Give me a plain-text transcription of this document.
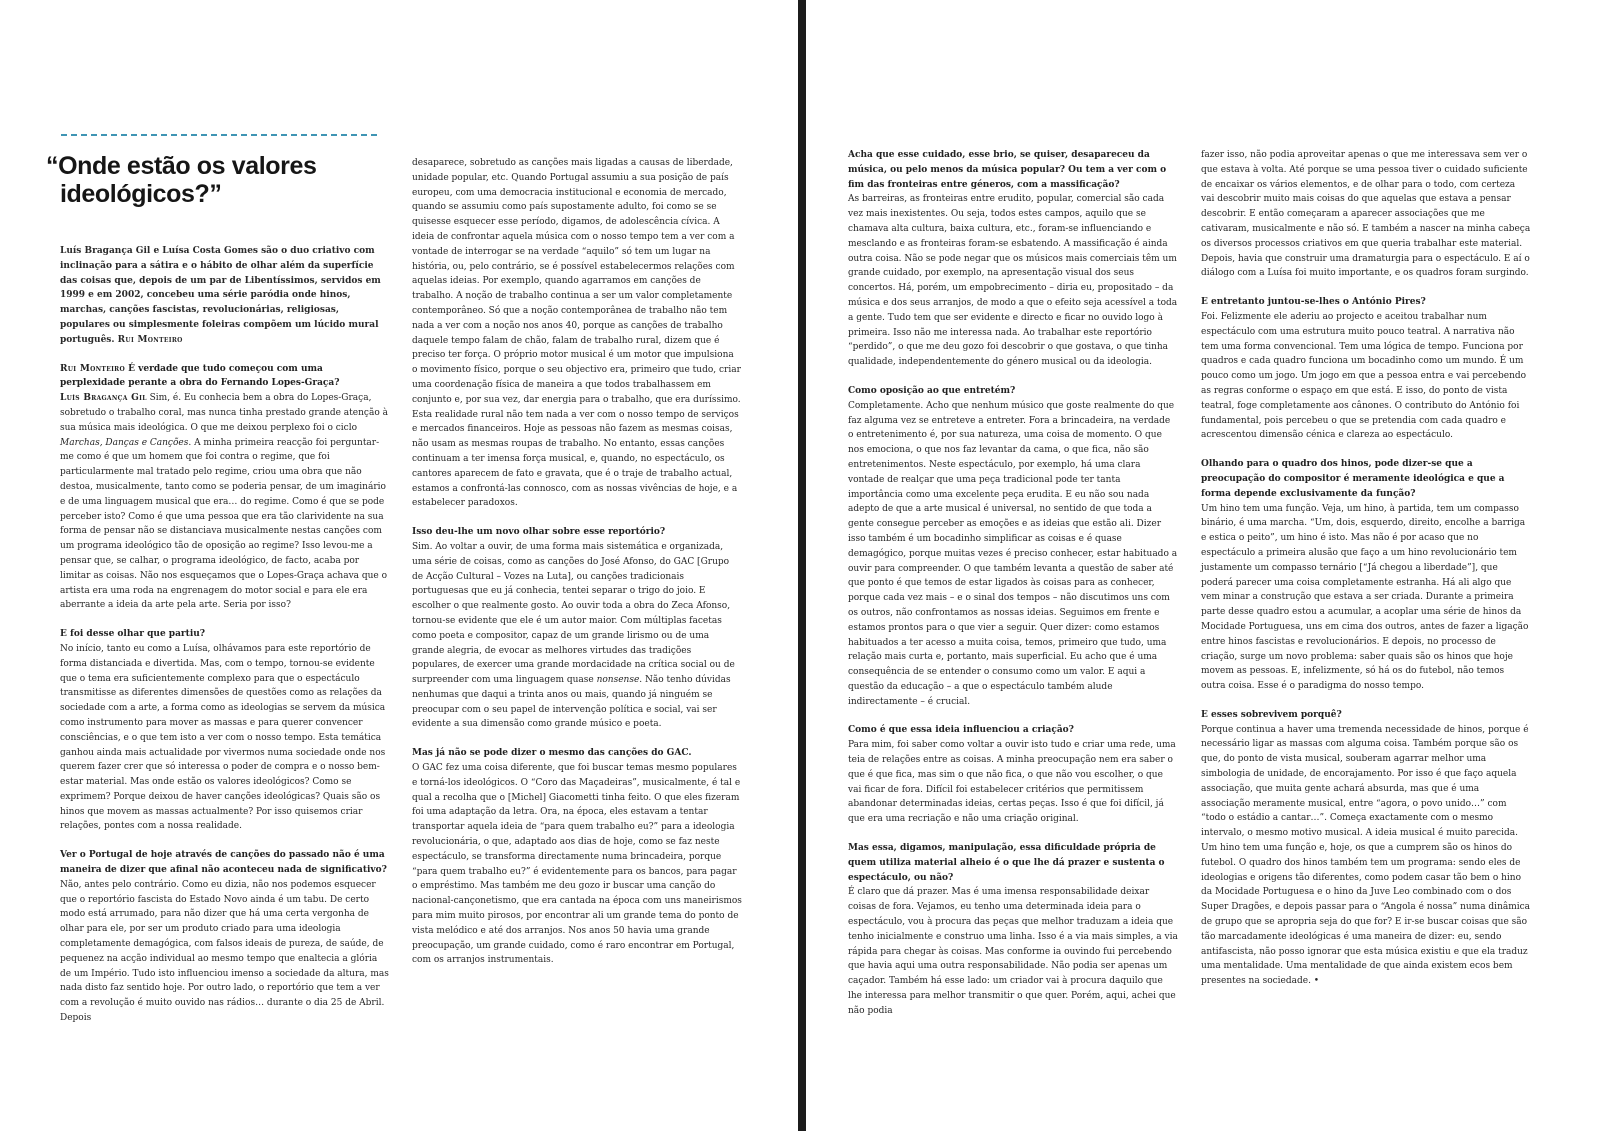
“Onde estão os valores
ideológicos?”

Luís Bragança Gil e Luísa Costa Gomes são o duo criativo com inclinação para a sátira e o hábito de olhar além da superfície das coisas que, depois de um par de Libentíssimos, servidos em 1999 e em 2002, concebeu uma série paródia onde hinos, marchas, canções fascistas, revolucionárias, religiosas, populares ou simplesmente foleiras compõem um lúcido mural português. Rui Monteiro

Rui Monteiro É verdade que tudo começou com uma perplexidade perante a obra do Fernando Lopes-Graça?
Luís Bragança Gil Sim, é. Eu conhecia bem a obra do Lopes-Graça, sobretudo o trabalho coral, mas nunca tinha prestado grande atenção à sua música mais ideológica. O que me deixou perplexo foi o ciclo Marchas, Danças e Canções. A minha primeira reacção foi perguntar-me como é que um homem que foi contra o regime, que foi particularmente mal tratado pelo regime, criou uma obra que não destoa, musicalmente, tanto como se poderia pensar, de um imaginário e de uma linguagem musical que era… do regime. Como é que se pode perceber isto? Como é que uma pessoa que era tão clarividente na sua forma de pensar não se distanciava musicalmente nestas canções com um programa ideológico tão de oposição ao regime? Isso levou-me a pensar que, se calhar, o programa ideológico, de facto, acaba por limitar as coisas. Não nos esqueçamos que o Lopes-Graça achava que o artista era uma roda na engrenagem do motor social e para ele era aberrante a ideia da arte pela arte. Seria por isso?

E foi desse olhar que partiu?
No início, tanto eu como a Luísa, olhávamos para este reportório de forma distanciada e divertida. Mas, com o tempo, tornou-se evidente que o tema era suficientemente complexo para que o espectáculo transmitisse as diferentes dimensões de questões como as relações da sociedade com a arte, a forma como as ideologias se servem da música como instrumento para mover as massas e para querer convencer consciências, e o que tem isto a ver com o nosso tempo. Esta temática ganhou ainda mais actualidade por vivermos numa sociedade onde nos querem fazer crer que só interessa o poder de compra e o nosso bem-estar material. Mas onde estão os valores ideológicos? Como se exprimem? Porque deixou de haver canções ideológicas? Quais são os hinos que movem as massas actualmente? Por isso quisemos criar relações, pontes com a nossa realidade.

Ver o Portugal de hoje através de canções do passado não é uma maneira de dizer que afinal não aconteceu nada de significativo?
Não, antes pelo contrário. Como eu dizia, não nos podemos esquecer que o reportório fascista do Estado Novo ainda é um tabu. De certo modo está arrumado, para não dizer que há uma certa vergonha de olhar para ele, por ser um produto criado para uma ideologia completamente demagógica, com falsos ideais de pureza, de saúde, de pequenez na acção individual ao mesmo tempo que enaltecia a glória de um Império. Tudo isto influenciou imenso a sociedade da altura, mas nada disto faz sentido hoje. Por outro lado, o reportório que tem a ver com a revolução é muito ouvido nas rádios… durante o dia 25 de Abril. Depois

desaparece, sobretudo as canções mais ligadas a causas de liberdade, unidade popular, etc. Quando Portugal assumiu a sua posição de país europeu, com uma democracia institucional e economia de mercado, quando se assumiu como país supostamente adulto, foi como se se quisesse esquecer esse período, digamos, de adolescência cívica. A ideia de confrontar aquela música com o nosso tempo tem a ver com a vontade de interrogar se na verdade “aquilo” só tem um lugar na história, ou, pelo contrário, se é possível estabelecermos relações com aquelas ideias. Por exemplo, quando agarramos em canções de trabalho. A noção de trabalho continua a ser um valor completamente contemporâneo. Só que a noção contemporânea de trabalho não tem nada a ver com a noção nos anos 40, porque as canções de trabalho daquele tempo falam de chão, falam de trabalho rural, dizem que é preciso ter força. O próprio motor musical é um motor que impulsiona o movimento físico, porque o seu objectivo era, primeiro que tudo, criar uma coordenação física de maneira a que todos trabalhassem em conjunto e, por sua vez, dar energia para o trabalho, que era duríssimo. Esta realidade rural não tem nada a ver com o nosso tempo de serviços e mercados financeiros. Hoje as pessoas não fazem as mesmas coisas, não usam as mesmas roupas de trabalho. No entanto, essas canções continuam a ter imensa força musical, e, quando, no espectáculo, os cantores aparecem de fato e gravata, que é o traje de trabalho actual, estamos a confrontá-las connosco, com as nossas vivências de hoje, e a estabelecer paradoxos.

Isso deu-lhe um novo olhar sobre esse reportório?
Sim. Ao voltar a ouvir, de uma forma mais sistemática e organizada, uma série de coisas, como as canções do José Afonso, do GAC [Grupo de Acção Cultural – Vozes na Luta], ou canções tradicionais portuguesas que eu já conhecia, tentei separar o trigo do joio. E escolher o que realmente gosto. Ao ouvir toda a obra do Zeca Afonso, tornou-se evidente que ele é um autor maior. Com múltiplas facetas como poeta e compositor, capaz de um grande lirismo ou de uma grande alegria, de evocar as melhores virtudes das tradições populares, de exercer uma grande mordacidade na crítica social ou de surpreender com uma linguagem quase nonsense. Não tenho dúvidas nenhumas que daqui a trinta anos ou mais, quando já ninguém se preocupar com o seu papel de intervenção política e social, vai ser evidente a sua dimensão como grande músico e poeta.

Mas já não se pode dizer o mesmo das canções do GAC.
O GAC fez uma coisa diferente, que foi buscar temas mesmo populares e torná-los ideológicos. O “Coro das Maçadeiras”, musicalmente, é tal e qual a recolha que o [Michel] Giacometti tinha feito. O que eles fizeram foi uma adaptação da letra. Ora, na época, eles estavam a tentar transportar aquela ideia de “para quem trabalho eu?” para a ideologia revolucionária, o que, adaptado aos dias de hoje, como se faz neste espectáculo, se transforma directamente numa brincadeira, porque “para quem trabalho eu?” é evidentemente para os bancos, para pagar o empréstimo. Mas também me deu gozo ir buscar uma canção do nacional-cançonetismo, que era cantada na época com uns maneirismos para mim muito pirosos, por encontrar ali um grande tema do ponto de vista melódico e até dos arranjos. Nos anos 50 havia uma grande preocupação, um grande cuidado, como é raro encontrar em Portugal, com os arranjos instrumentais.

Acha que esse cuidado, esse brio, se quiser, desapareceu da música, ou pelo menos da música popular? Ou tem a ver com o fim das fronteiras entre géneros, com a massificação?
As barreiras, as fronteiras entre erudito, popular, comercial são cada vez mais inexistentes. Ou seja, todos estes campos, aquilo que se chamava alta cultura, baixa cultura, etc., foram-se influenciando e mesclando e as fronteiras foram-se esbatendo. A massificação é ainda outra coisa. Não se pode negar que os músicos mais comerciais têm um grande cuidado, por exemplo, na apresentação visual dos seus concertos. Há, porém, um empobrecimento – diria eu, propositado – da música e dos seus arranjos, de modo a que o efeito seja acessível a toda a gente. Tudo tem que ser evidente e directo e ficar no ouvido logo à primeira. Isso não me interessa nada. Ao trabalhar este reportório “perdido”, o que me deu gozo foi descobrir o que gostava, o que tinha qualidade, independentemente do género musical ou da ideologia.

Como oposição ao que entretém?
Completamente. Acho que nenhum músico que goste realmente do que faz alguma vez se entreteve a entreter. Fora a brincadeira, na verdade o entretenimento é, por sua natureza, uma coisa de momento. O que nos emociona, o que nos faz levantar da cama, o que fica, não são entretenimentos. Neste espectáculo, por exemplo, há uma clara vontade de realçar que uma peça tradicional pode ter tanta importância como uma excelente peça erudita. E eu não sou nada adepto de que a arte musical é universal, no sentido de que toda a gente consegue perceber as emoções e as ideias que estão ali. Dizer isso também é um bocadinho simplificar as coisas e é quase demagógico, porque muitas vezes é preciso conhecer, estar habituado a ouvir para compreender. O que também levanta a questão de saber até que ponto é que temos de estar ligados às coisas para as conhecer, porque cada vez mais – e o sinal dos tempos – não discutimos uns com os outros, não confrontamos as nossas ideias. Seguimos em frente e estamos prontos para o que vier a seguir. Quer dizer: como estamos habituados a ter acesso a muita coisa, temos, primeiro que tudo, uma relação mais curta e, portanto, mais superficial. Eu acho que é uma consequência de se entender o consumo como um valor. E aqui a questão da educação – a que o espectáculo também alude indirectamente – é crucial.

Como é que essa ideia influenciou a criação?
Para mim, foi saber como voltar a ouvir isto tudo e criar uma rede, uma teia de relações entre as coisas. A minha preocupação nem era saber o que é que fica, mas sim o que não fica, o que não vou escolher, o que vai ficar de fora. Difícil foi estabelecer critérios que permitissem abandonar determinadas ideias, certas peças. Isso é que foi difícil, já que era uma recriação e não uma criação original.

Mas essa, digamos, manipulação, essa dificuldade própria de quem utiliza material alheio é o que lhe dá prazer e sustenta o espectáculo, ou não?
É claro que dá prazer. Mas é uma imensa responsabilidade deixar coisas de fora. Vejamos, eu tenho uma determinada ideia para o espectáculo, vou à procura das peças que melhor traduzam a ideia que tenho inicialmente e construo uma linha. Isso é a via mais simples, a via rápida para chegar às coisas. Mas conforme ia ouvindo fui percebendo que havia aqui uma outra responsabilidade. Não podia ser apenas um caçador. Também há esse lado: um criador vai à procura daquilo que lhe interessa para melhor transmitir o que quer. Porém, aqui, achei que não podia

fazer isso, não podia aproveitar apenas o que me interessava sem ver o que estava à volta. Até porque se uma pessoa tiver o cuidado suficiente de encaixar os vários elementos, e de olhar para o todo, com certeza vai descobrir muito mais coisas do que aquelas que estava a pensar descobrir. E então começaram a aparecer associações que me cativaram, musicalmente e não só. E também a nascer na minha cabeça os diversos processos criativos em que queria trabalhar este material. Depois, havia que construir uma dramaturgia para o espectáculo. E aí o diálogo com a Luísa foi muito importante, e os quadros foram surgindo.

E entretanto juntou-se-lhes o António Pires?
Foi. Felizmente ele aderiu ao projecto e aceitou trabalhar num espectáculo com uma estrutura muito pouco teatral. A narrativa não tem uma forma convencional. Tem uma lógica de tempo. Funciona por quadros e cada quadro funciona um bocadinho como um mundo. É um pouco como um jogo. Um jogo em que a pessoa entra e vai percebendo as regras conforme o espaço em que está. E isso, do ponto de vista teatral, foge completamente aos cânones. O contributo do António foi fundamental, pois percebeu o que se pretendia com cada quadro e acrescentou dimensão cénica e clareza ao espectáculo.

Olhando para o quadro dos hinos, pode dizer-se que a preocupação do compositor é meramente ideológica e que a forma depende exclusivamente da função?
Um hino tem uma função. Veja, um hino, à partida, tem um compasso binário, é uma marcha. “Um, dois, esquerdo, direito, encolhe a barriga e estica o peito”, um hino é isto. Mas não é por acaso que no espectáculo a primeira alusão que faço a um hino revolucionário tem justamente um compasso ternário [“Já chegou a liberdade”], que poderá parecer uma coisa completamente estranha. Há ali algo que vem minar a construção que estava a ser criada. Durante a primeira parte desse quadro estou a acumular, a acoplar uma série de hinos da Mocidade Portuguesa, uns em cima dos outros, antes de fazer a ligação entre hinos fascistas e revolucionários. E depois, no processo de criação, surge um novo problema: saber quais são os hinos que hoje movem as pessoas. E, infelizmente, só há os do futebol, não temos outra coisa. Esse é o paradigma do nosso tempo.

E esses sobrevivem porquê?
Porque continua a haver uma tremenda necessidade de hinos, porque é necessário ligar as massas com alguma coisa. Também porque são os que, do ponto de vista musical, souberam agarrar melhor uma simbologia de unidade, de encorajamento. Por isso é que faço aquela associação, que muita gente achará absurda, mas que é uma associação meramente musical, entre “agora, o povo unido…” com “todo o estádio a cantar…”. Começa exactamente com o mesmo intervalo, o mesmo motivo musical. A ideia musical é muito parecida. Um hino tem uma função e, hoje, os que a cumprem são os hinos do futebol. O quadro dos hinos também tem um programa: sendo eles de ideologias e origens tão diferentes, como podem casar tão bem o hino da Mocidade Portuguesa e o hino da Juve Leo combinado com o dos Super Dragões, e depois passar para o “Angola é nossa” numa dinâmica de grupo que se apropria seja do que for? E ir-se buscar coisas que são tão marcadamente ideológicas é uma maneira de dizer: eu, sendo antifascista, não posso ignorar que esta música existiu e que ela traduz uma mentalidade. Uma mentalidade de que ainda existem ecos bem presentes na sociedade. •
